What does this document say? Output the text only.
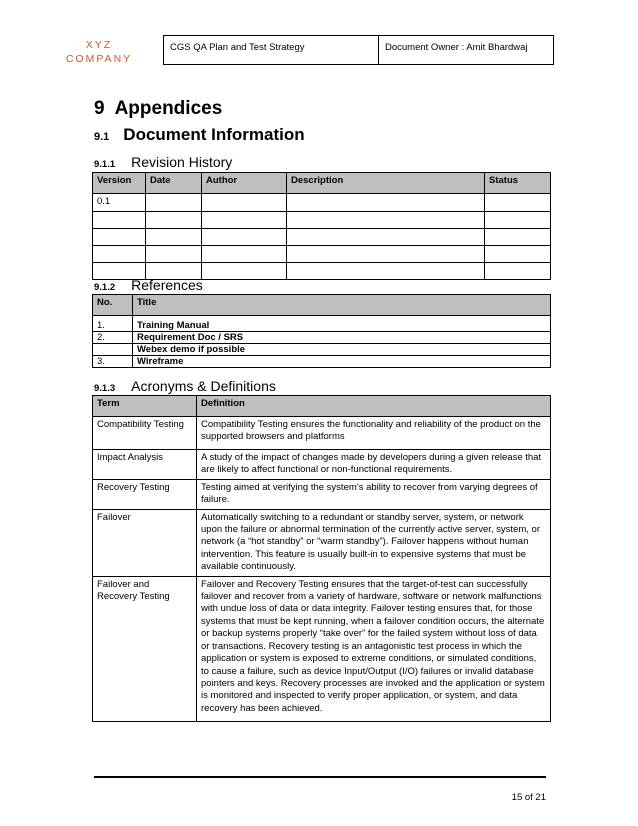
XYZ
COMPANY
CGS QA Plan and Test Strategy	Document Owner : Amit Bhardwaj
9 Appendices
9.1 Document Information
9.1.1 Revision History
Version	Date	Author	Description	Status
0.1				

9.1.2 References
No.	Title
1.	Training Manual
2.	Requirement Doc / SRS
	Webex demo if possible
3.	Wireframe
9.1.3 Acronyms & Definitions
Term	Definition
Compatibility Testing	Compatibility Testing ensures the functionality and reliability of the product on the supported browsers and platforms
Impact Analysis	A study of the impact of changes made by developers during a given release that are likely to affect functional or non-functional requirements.
Recovery Testing	Testing aimed at verifying the system’s ability to recover from varying degrees of failure.
Failover	Automatically switching to a redundant or standby server, system, or network upon the failure or abnormal termination of the currently active server, system, or network (a “hot standby” or “warm standby”). Failover happens without human intervention. This feature is usually built-in to expensive systems that must be available continuously.
Failover and Recovery Testing	Failover and Recovery Testing ensures that the target-of-test can successfully failover and recover from a variety of hardware, software or network malfunctions with undue loss of data or data integrity. Failover testing ensures that, for those systems that must be kept running, when a failover condition occurs, the alternate or backup systems properly “take over” for the failed system without loss of data or transactions. Recovery testing is an antagonistic test process in which the application or system is exposed to extreme conditions, or simulated conditions, to cause a failure, such as device Input/Output (I/O) failures or invalid database pointers and keys. Recovery processes are invoked and the application or system is monitored and inspected to verify proper application, or system, and data recovery has been achieved.
15 of 21
